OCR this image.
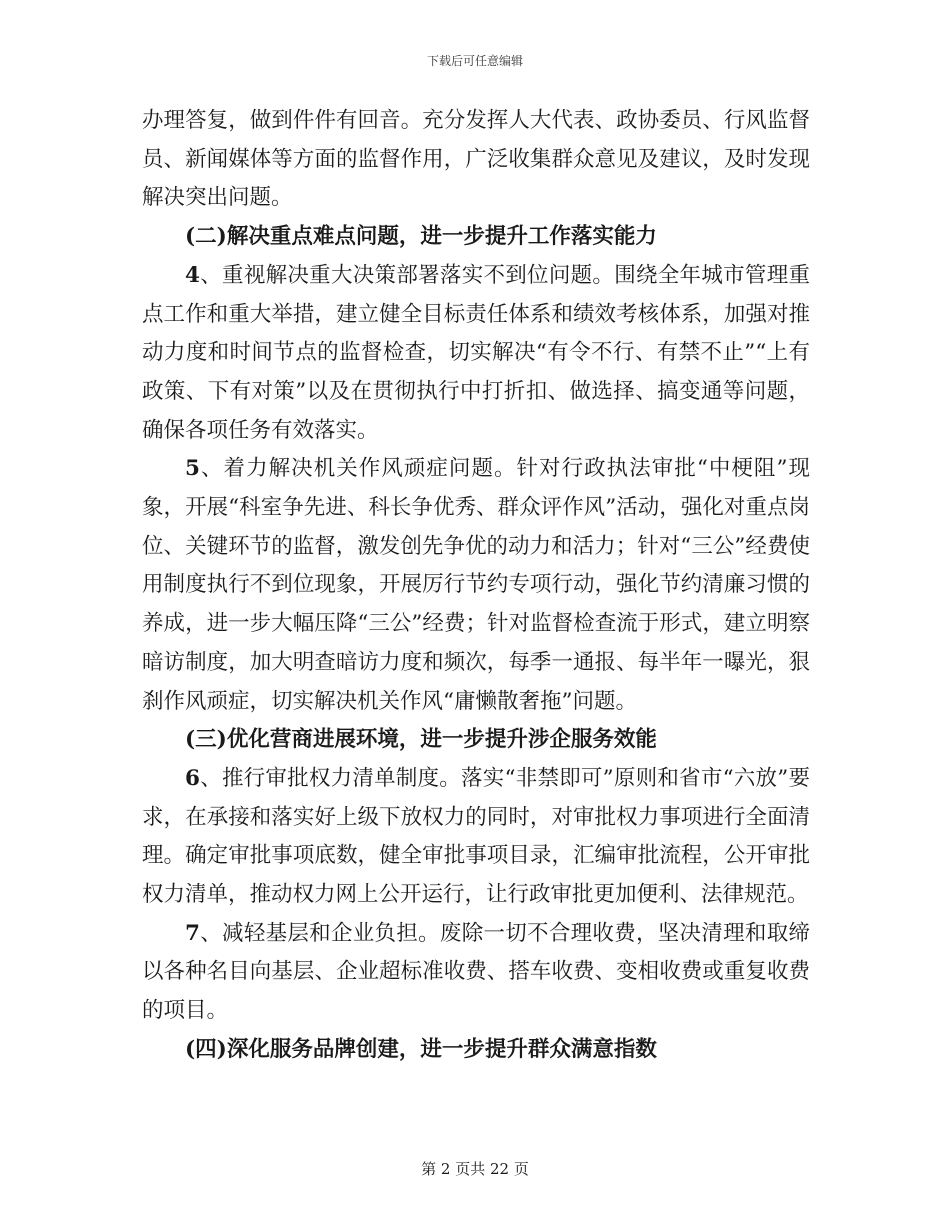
下载后可任意编辑

办理答复，做到件件有回音。充分发挥人大代表、政协委员、行风监督员、新闻媒体等方面的监督作用，广泛收集群众意见及建议，及时发现解决突出问题。

(二)解决重点难点问题，进一步提升工作落实能力

4、重视解决重大决策部署落实不到位问题。围绕全年城市管理重点工作和重大举措，建立健全目标责任体系和绩效考核体系，加强对推动力度和时间节点的监督检查，切实解决“有令不行、有禁不止”“上有政策、下有对策”以及在贯彻执行中打折扣、做选择、搞变通等问题，确保各项任务有效落实。

5、着力解决机关作风顽症问题。针对行政执法审批“中梗阻”现象，开展“科室争先进、科长争优秀、群众评作风”活动，强化对重点岗位、关键环节的监督，激发创先争优的动力和活力；针对“三公”经费使用制度执行不到位现象，开展厉行节约专项行动，强化节约清廉习惯的养成，进一步大幅压降“三公”经费；针对监督检查流于形式，建立明察暗访制度，加大明查暗访力度和频次，每季一通报、每半年一曝光，狠刹作风顽症，切实解决机关作风“庸懒散奢拖”问题。

(三)优化营商进展环境，进一步提升涉企服务效能

6、推行审批权力清单制度。落实“非禁即可”原则和省市“六放”要求，在承接和落实好上级下放权力的同时，对审批权力事项进行全面清理。确定审批事项底数，健全审批事项目录，汇编审批流程，公开审批权力清单，推动权力网上公开运行，让行政审批更加便利、法律规范。

7、减轻基层和企业负担。废除一切不合理收费，坚决清理和取缔以各种名目向基层、企业超标准收费、搭车收费、变相收费或重复收费的项目。

(四)深化服务品牌创建，进一步提升群众满意指数

第 2 页共 22 页
